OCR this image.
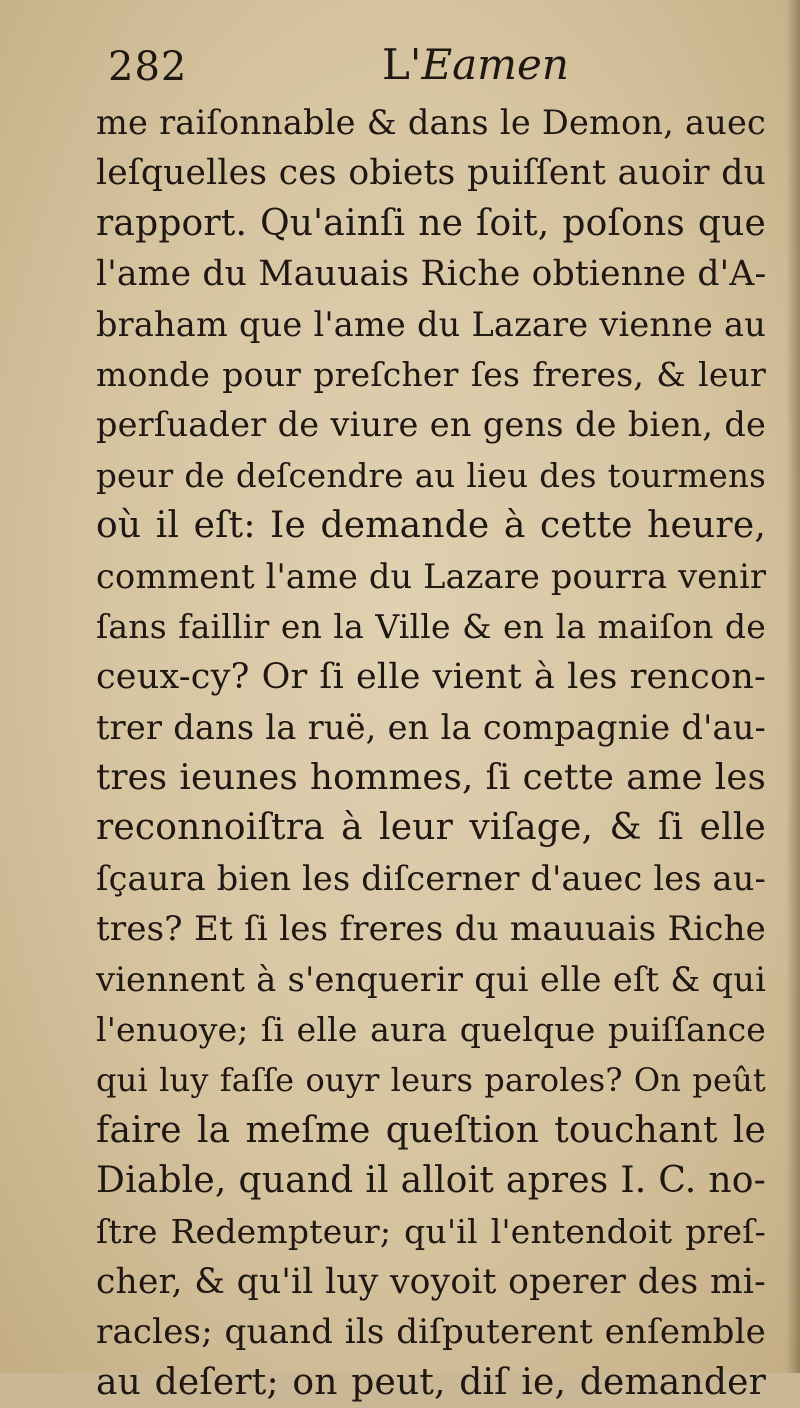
282	L'Eamen
me raiſonnable & dans le Demon, auec
leſquelles ces obiets puiſſent auoir du
rapport. Qu'ainſi ne ſoit, poſons que
l'ame du Mauuais Riche obtienne d'A-
braham que l'ame du Lazare vienne au
monde pour preſcher ſes freres, & leur
perſuader de viure en gens de bien, de
peur de deſcendre au lieu des tourmens
où il eſt: Ie demande à cette heure,
comment l'ame du Lazare pourra venir
ſans faillir en la Ville & en la maiſon de
ceux-cy? Or ſi elle vient à les rencon-
trer dans la ruë, en la compagnie d'au-
tres ieunes hommes, ſi cette ame les
reconnoiſtra à leur viſage, & ſi elle
ſçaura bien les diſcerner d'auec les au-
tres? Et ſi les freres du mauuais Riche
viennent à s'enquerir qui elle eſt & qui
l'enuoye; ſi elle aura quelque puiſſance
qui luy faſſe ouyr leurs paroles? On peût
faire la meſme queſtion touchant le
Diable, quand il alloit apres I. C. no-
ſtre Redempteur; qu'il l'entendoit preſ-
cher, & qu'il luy voyoit operer des mi-
racles; quand ils diſputerent enſemble
au deſert; on peut, diſ ie, demander
